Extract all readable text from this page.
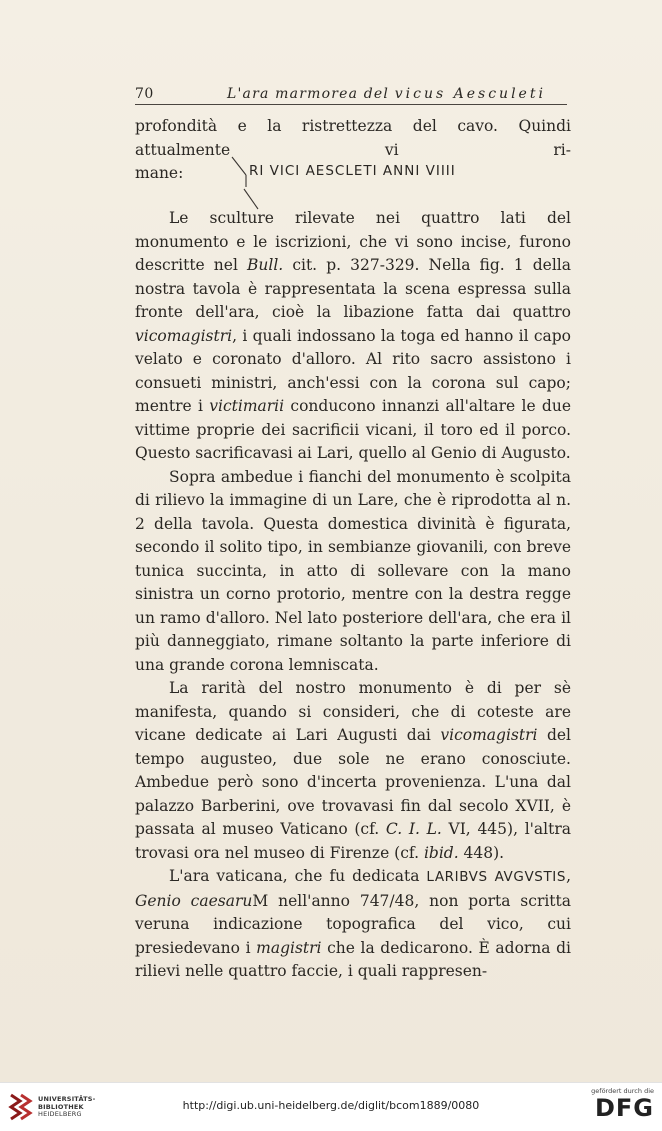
70	L'ara marmorea del vicus Aesculeti

profondità e la ristrettezza del cavo. Quindi attualmente vi ri-

mane:	RI VICI AESCLETI ANNI VIIII

Le sculture rilevate nei quattro lati del monumento e le iscrizioni, che vi sono incise, furono descritte nel Bull. cit. p. 327-329. Nella fig. 1 della nostra tavola è rappresentata la scena espressa sulla fronte dell'ara, cioè la libazione fatta dai quattro vicomagistri, i quali indossano la toga ed hanno il capo velato e coronato d'alloro. Al rito sacro assistono i consueti ministri, anch'essi con la corona sul capo; mentre i victimarii conducono innanzi all'altare le due vittime proprie dei sacrificii vicani, il toro ed il porco. Questo sacrificavasi ai Lari, quello al Genio di Augusto.

Sopra ambedue i fianchi del monumento è scolpita di rilievo la immagine di un Lare, che è riprodotta al n. 2 della tavola. Questa domestica divinità è figurata, secondo il solito tipo, in sembianze giovanili, con breve tunica succinta, in atto di sollevare con la mano sinistra un corno protorio, mentre con la destra regge un ramo d'alloro. Nel lato posteriore dell'ara, che era il più danneggiato, rimane soltanto la parte inferiore di una grande corona lemniscata.

La rarità del nostro monumento è di per sè manifesta, quando si consideri, che di coteste are vicane dedicate ai Lari Augusti dai vicomagistri del tempo augusteo, due sole ne erano conosciute. Ambedue però sono d'incerta provenienza. L'una dal palazzo Barberini, ove trovavasi fin dal secolo XVII, è passata al museo Vaticano (cf. C. I. L. VI, 445), l'altra trovasi ora nel museo di Firenze (cf. ibid. 448).

L'ara vaticana, che fu dedicata LARIBVS AVGVSTIS, Genio caesaruM nell'anno 747/48, non porta scritta veruna indicazione topografica del vico, cui presiedevano i magistri che la dedicarono. È adorna di rilievi nelle quattro faccie, i quali rappresen-

UNIVERSITÄTS-
BIBLIOTHEK
HEIDELBERG
http://digi.ub.uni-heidelberg.de/diglit/bcom1889/0080
gefördert durch die
DFG
